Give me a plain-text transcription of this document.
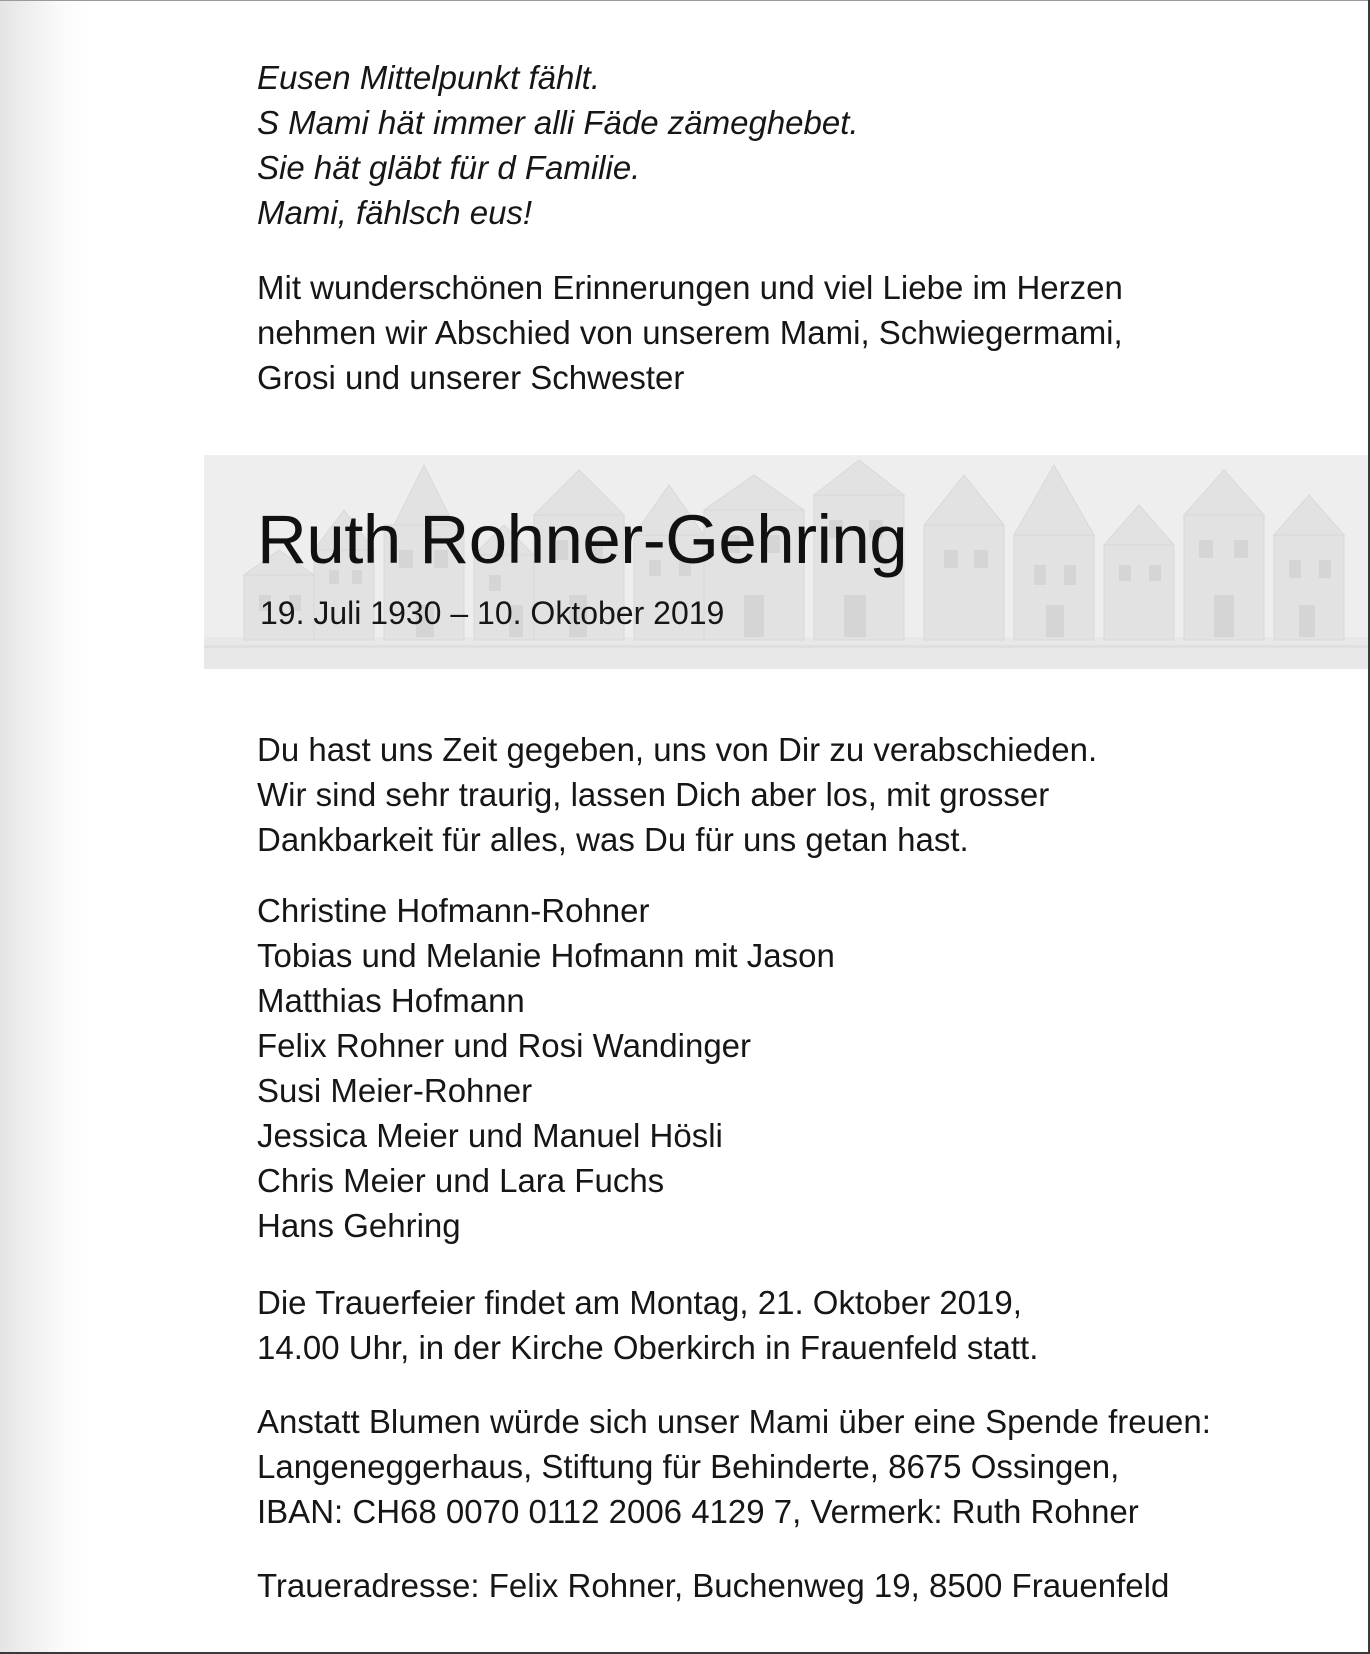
Eusen Mittelpunkt fählt.
S Mami hät immer alli Fäde zämeghebet.
Sie hät gläbt für d Familie.
Mami, fählsch eus!
Mit wunderschönen Erinnerungen und viel Liebe im Herzen
nehmen wir Abschied von unserem Mami, Schwiegermami,
Grosi und unserer Schwester
Ruth Rohner-Gehring
19. Juli 1930 – 10. Oktober 2019
Du hast uns Zeit gegeben, uns von Dir zu verabschieden.
Wir sind sehr traurig, lassen Dich aber los, mit grosser
Dankbarkeit für alles, was Du für uns getan hast.
Christine Hofmann-Rohner
Tobias und Melanie Hofmann mit Jason
Matthias Hofmann
Felix Rohner und Rosi Wandinger
Susi Meier-Rohner
Jessica Meier und Manuel Hösli
Chris Meier und Lara Fuchs
Hans Gehring
Die Trauerfeier findet am Montag, 21. Oktober 2019,
14.00 Uhr, in der Kirche Oberkirch in Frauenfeld statt.
Anstatt Blumen würde sich unser Mami über eine Spende freuen:
Langeneggerhaus, Stiftung für Behinderte, 8675 Ossingen,
IBAN: CH68 0070 0112 2006 4129 7, Vermerk: Ruth Rohner
Traueradresse: Felix Rohner, Buchenweg 19, 8500 Frauenfeld
